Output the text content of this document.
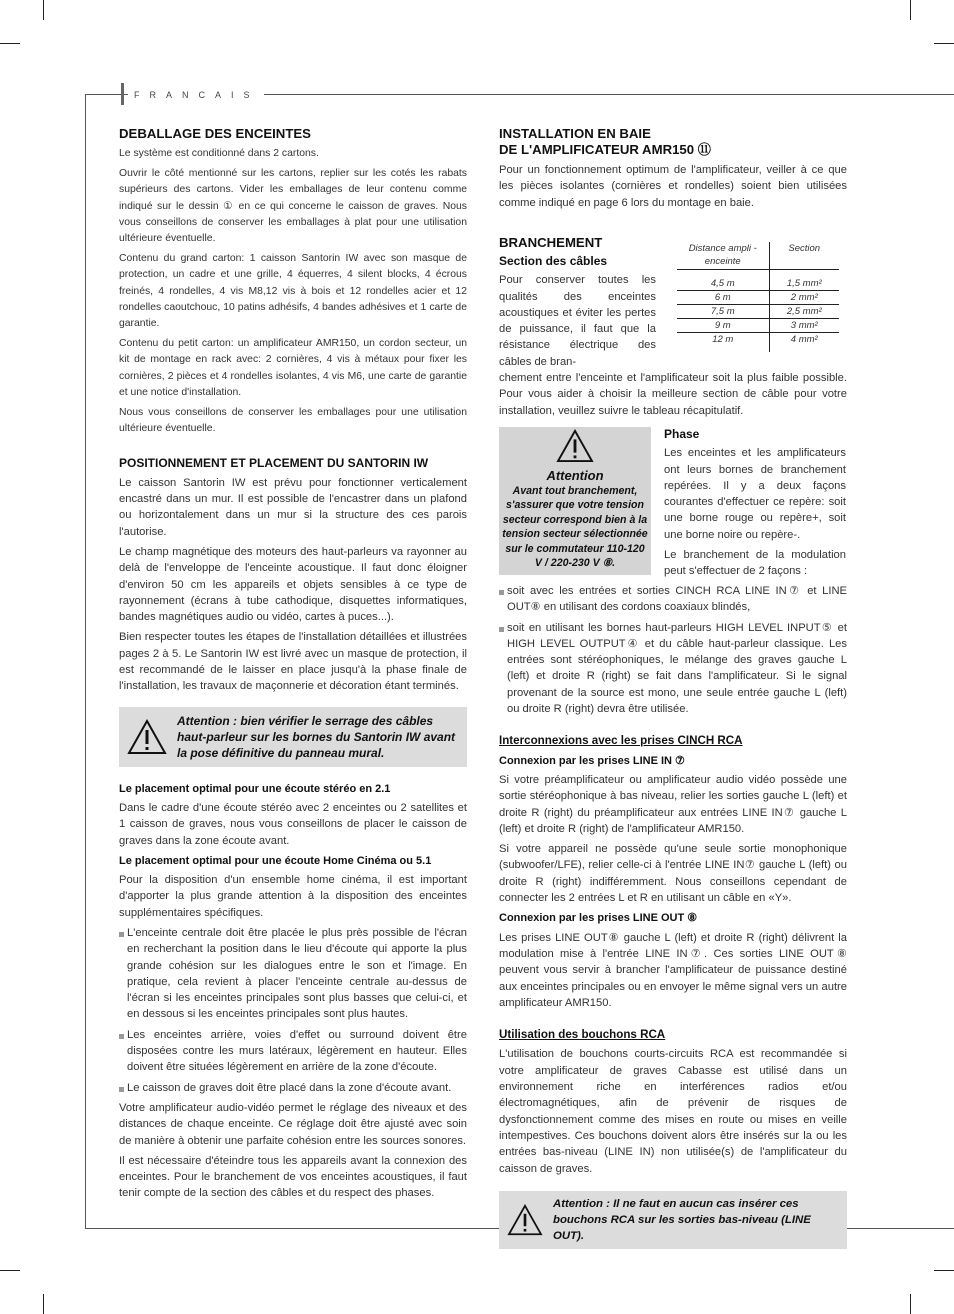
FRANCAIS
DEBALLAGE DES ENCEINTES

Le système est conditionné dans 2 cartons.

Ouvrir le côté mentionné sur les cartons, replier sur les cotés les rabats supérieurs des cartons. Vider les emballages de leur contenu comme indiqué sur le dessin ① en ce qui concerne le caisson de graves. Nous vous conseillons de conserver les emballages à plat pour une utilisation ultérieure éventuelle.

Contenu du grand carton: 1 caisson Santorin IW avec son masque de protection, un cadre et une grille, 4 équerres, 4 silent blocks, 4 écrous freinés, 4 rondelles, 4 vis M8,12 vis à bois et 12 rondelles acier et 12 rondelles caoutchouc, 10 patins adhésifs, 4 bandes adhésives et 1 carte de garantie.

Contenu du petit carton: un amplificateur AMR150, un cordon secteur, un kit de montage en rack avec: 2 cornières, 4 vis à métaux pour fixer les cornières, 2 pièces et 4 rondelles isolantes, 4 vis M6, une carte de garantie et une notice d'installation.

Nous vous conseillons de conserver les emballages pour une utilisation ultérieure éventuelle.

POSITIONNEMENT ET PLACEMENT DU SANTORIN IW

Le caisson Santorin IW est prévu pour fonctionner verticalement encastré dans un mur. Il est possible de l'encastrer dans un plafond ou horizontalement dans un mur si la structure des ces parois l'autorise.

Le champ magnétique des moteurs des haut-parleurs va rayonner au delà de l'enveloppe de l'enceinte acoustique. Il faut donc éloigner d'environ 50 cm les appareils et objets sensibles à ce type de rayonnement (écrans à tube cathodique, disquettes informatiques, bandes magnétiques audio ou vidéo, cartes à puces...).

Bien respecter toutes les étapes de l'installation détaillées et illustrées pages 2 à 5. Le Santorin IW est livré avec un masque de protection, il est recommandé de le laisser en place jusqu'à la phase finale de l'installation, les travaux de maçonnerie et décoration étant terminés.

Attention : bien vérifier le serrage des câbles haut-parleur sur les bornes du Santorin IW avant la pose définitive du panneau mural.
Le placement optimal pour une écoute stéréo en 2.1

Dans le cadre d'une écoute stéréo avec 2 enceintes ou 2 satellites et 1 caisson de graves, nous vous conseillons de placer le caisson de graves dans la zone écoute avant.

Le placement optimal pour une écoute Home Cinéma ou 5.1

Pour la disposition d'un ensemble home cinéma, il est important d'apporter la plus grande attention à la disposition des enceintes supplémentaires spécifiques.

L'enceinte centrale doit être placée le plus près possible de l'écran en recherchant la position dans le lieu d'écoute qui apporte la plus grande cohésion sur les dialogues entre le son et l'image. En pratique, cela revient à placer l'enceinte centrale au-dessus de l'écran si les enceintes principales sont plus basses que celui-ci, et en dessous si les enceintes principales sont plus hautes.
Les enceintes arrière, voies d'effet ou surround doivent être disposées contre les murs latéraux, légèrement en hauteur. Elles doivent être situées légèrement en arrière de la zone d'écoute.
Le caisson de graves doit être placé dans la zone d'écoute avant.

Votre amplificateur audio-vidéo permet le réglage des niveaux et des distances de chaque enceinte. Ce réglage doit être ajusté avec soin de manière à obtenir une parfaite cohésion entre les sources sonores.

Il est nécessaire d'éteindre tous les appareils avant la connexion des enceintes. Pour le branchement de vos enceintes acoustiques, il faut tenir compte de la section des câbles et du respect des phases.

INSTALLATION EN BAIE
DE L'AMPLIFICATEUR AMR150 ⑪

Pour un fonctionnement optimum de l'amplificateur, veiller à ce que les pièces isolantes (cornières et rondelles) soient bien utilisées comme indiqué en page 6 lors du montage en baie.

BRANCHEMENT
Section des câbles

Pour conserver toutes les qualités des enceintes acoustiques et éviter les pertes de puissance, il faut que la résistance électrique des câbles de bran-

chement entre l'enceinte et l'amplificateur soit la plus faible possible. Pour vous aider à choisir la meilleure section de câble pour votre installation, veuillez suivre le tableau récapitulatif.

Distance ampli - enceinte	Section

4,5 m	1,5 mm²
6 m	2 mm²
7,5 m	2,5 mm²
9 m	3 mm²
12 m	4 mm²
Attention
Avant tout branchement, s'assurer que votre tension secteur correspond bien à la tension secteur sélectionnée sur le commutateur 110-120 V / 220-230 V ⑧.
Phase

Les enceintes et les amplificateurs ont leurs bornes de branchement repérées. Il y a deux façons courantes d'effectuer ce repère: soit une borne rouge ou repère+, soit une borne noire ou repère-.

Le branchement de la modulation peut s'effectuer de 2 façons :

soit avec les entrées et sorties CINCH RCA LINE IN⑦ et LINE OUT⑧ en utilisant des cordons coaxiaux blindés,
soit en utilisant les bornes haut-parleurs HIGH LEVEL INPUT⑤ et HIGH LEVEL OUTPUT④ et du câble haut-parleur classique. Les entrées sont stéréophoniques, le mélange des graves gauche L (left) et droite R (right) se fait dans l'amplificateur. Si le signal provenant de la source est mono, une seule entrée gauche L (left) ou droite R (right) devra être utilisée.
Interconnexions avec les prises CINCH RCA
Connexion par les prises LINE IN ⑦

Si votre préamplificateur ou amplificateur audio vidéo possède une sortie stéréophonique à bas niveau, relier les sorties gauche L (left) et droite R (right) du préamplificateur aux entrées LINE IN⑦ gauche L (left) et droite R (right) de l'amplificateur AMR150.

Si votre appareil ne possède qu'une seule sortie monophonique (subwoofer/LFE), relier celle-ci à l'entrée LINE IN⑦ gauche L (left) ou droite R (right) indifféremment. Nous conseillons cependant de connecter les 2 entrées L et R en utilisant un câble en «Y».

Connexion par les prises LINE OUT ⑧

Les prises LINE OUT⑧ gauche L (left) et droite R (right) délivrent la modulation mise à l'entrée LINE IN⑦. Ces sorties LINE OUT⑧ peuvent vous servir à brancher l'amplificateur de puissance destiné aux enceintes principales ou en envoyer le même signal vers un autre amplificateur AMR150.

Utilisation des bouchons RCA

L'utilisation de bouchons courts-circuits RCA est recommandée si votre amplificateur de graves Cabasse est utilisé dans un environnement riche en interférences radios et/ou électromagnétiques, afin de prévenir de risques de dysfonctionnement comme des mises en route ou mises en veille intempestives. Ces bouchons doivent alors être insérés sur la ou les entrées bas-niveau (LINE IN) non utilisée(s) de l'amplificateur du caisson de graves.

Attention : Il ne faut en aucun cas insérer ces bouchons RCA sur les sorties bas-niveau (LINE OUT).
